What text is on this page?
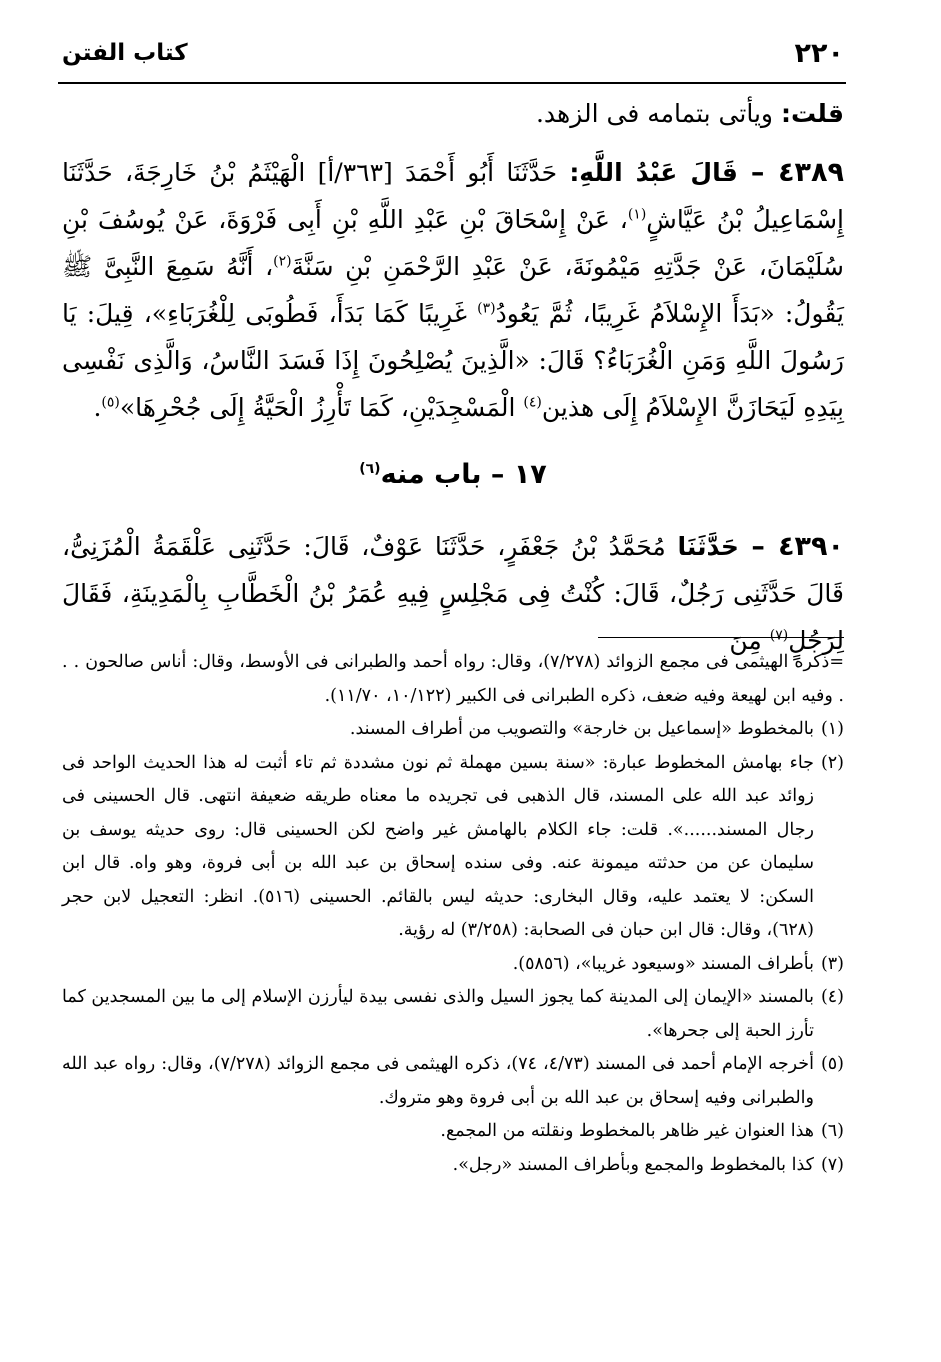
٢٢٠
كتاب الفتن

قلت: ويأتى بتمامه فى الزهد.

٤٣٨٩ – قَالَ عَبْدُ اللَّهِ: حَدَّثَنَا أَبُو أَحْمَدَ [٣٦٣/أ] الْهَيْثَمُ بْنُ خَارِجَةَ، حَدَّثَنَا إِسْمَاعِيلُ بْنُ عَيَّاشٍ$^{(١)}$، عَنْ إِسْحَاقَ بْنِ عَبْدِ اللَّهِ بْنِ أَبِى فَرْوَةَ، عَنْ يُوسُفَ بْنِ سُلَيْمَانَ، عَنْ جَدَّتِهِ مَيْمُونَةَ، عَنْ عَبْدِ الرَّحْمَنِ بْنِ سَنَّةَ$^{(٢)}$، أَنَّهُ سَمِعَ النَّبِىَّ ﷺ يَقُولُ: «بَدَأَ الإِسْلاَمُ غَرِيبًا، ثُمَّ يَعُودُ$^{(٣)}$ غَرِيبًا كَمَا بَدَأَ، فَطُوبَى لِلْغُرَبَاءِ»، قِيلَ: يَا رَسُولَ اللَّهِ وَمَنِ الْغُرَبَاءُ؟ قَالَ: «الَّذِينَ يُصْلِحُونَ إِذَا فَسَدَ النَّاسُ، وَالَّذِى نَفْسِى بِيَدِهِ لَيَحَازَنَّ الإِسْلاَمُ إِلَى هذين$^{(٤)}$ الْمَسْجِدَيْنِ، كَمَا تَأْرِزُ الْحَيَّةُ إِلَى جُحْرِهَا»$^{(٥)}$.

١٧ – باب منه$^{(٦)}$

٤٣٩٠ – حَدَّثَنَا مُحَمَّدُ بْنُ جَعْفَرٍ، حَدَّثَنَا عَوْفٌ، قَالَ: حَدَّثَنِى عَلْقَمَةُ الْمُزَنِىُّ، قَالَ حَدَّثَنِى رَجُلٌ، قَالَ: كُنْتُ فِى مَجْلِسٍ فِيهِ عُمَرُ بْنُ الْخَطَّابِ بِالْمَدِينَةِ، فَقَالَ لِرَجُلٍ$^{(٧)}$ مِنَ

=ذكره الهيثمى فى مجمع الزوائد (٧/٢٧٨)، وقال: رواه أحمد والطبرانى فى الأوسط، وقال: أناس صالحون . . . وفيه ابن لهيعة وفيه ضعف، ذكره الطبرانى فى الكبير (١٠/١٢٢، ١١/٧٠).
(١)
بالمخطوط «إسماعيل بن خارجة» والتصويب من أطراف المسند.
(٢)
جاء بهامش المخطوط عبارة: «سنة بسين مهملة ثم نون مشددة ثم تاء أثبت له هذا الحديث الواحد فى زوائد عبد الله على المسند، قال الذهبى فى تجريده ما معناه طريقه ضعيفة انتهى. قال الحسينى فى رجال المسند......». قلت: جاء الكلام بالهامش غير واضح لكن الحسينى قال: روى حديثه يوسف بن سليمان عن من حدثته ميمونة عنه. وفى سنده إسحاق بن عبد الله بن أبى فروة، وهو واه. قال ابن السكن: لا يعتمد عليه، وقال البخارى: حديثه ليس بالقائم. الحسينى (٥١٦). انظر: التعجيل لابن حجر (٦٢٨)، وقال: قال ابن حبان فى الصحابة: (٣/٢٥٨) له رؤية.
(٣)
بأطراف المسند «وسيعود غريبا»، (٥٨٥٦).
(٤)
بالمسند «الإيمان إلى المدينة كما يجوز السيل والذى نفسى بيدة ليأرزن الإسلام إلى ما بين المسجدين كما تأرز الحبة إلى جحرها».
(٥)
أخرجه الإمام أحمد فى المسند (٤/٧٣، ٧٤)، ذكره الهيثمى فى مجمع الزوائد (٧/٢٧٨)، وقال: رواه عبد الله والطبرانى وفيه إسحاق بن عبد الله بن أبى فروة وهو متروك.
(٦)
هذا العنوان غير ظاهر بالمخطوط ونقلته من المجمع.
(٧)
كذا بالمخطوط والمجمع وبأطراف المسند «رجل».
